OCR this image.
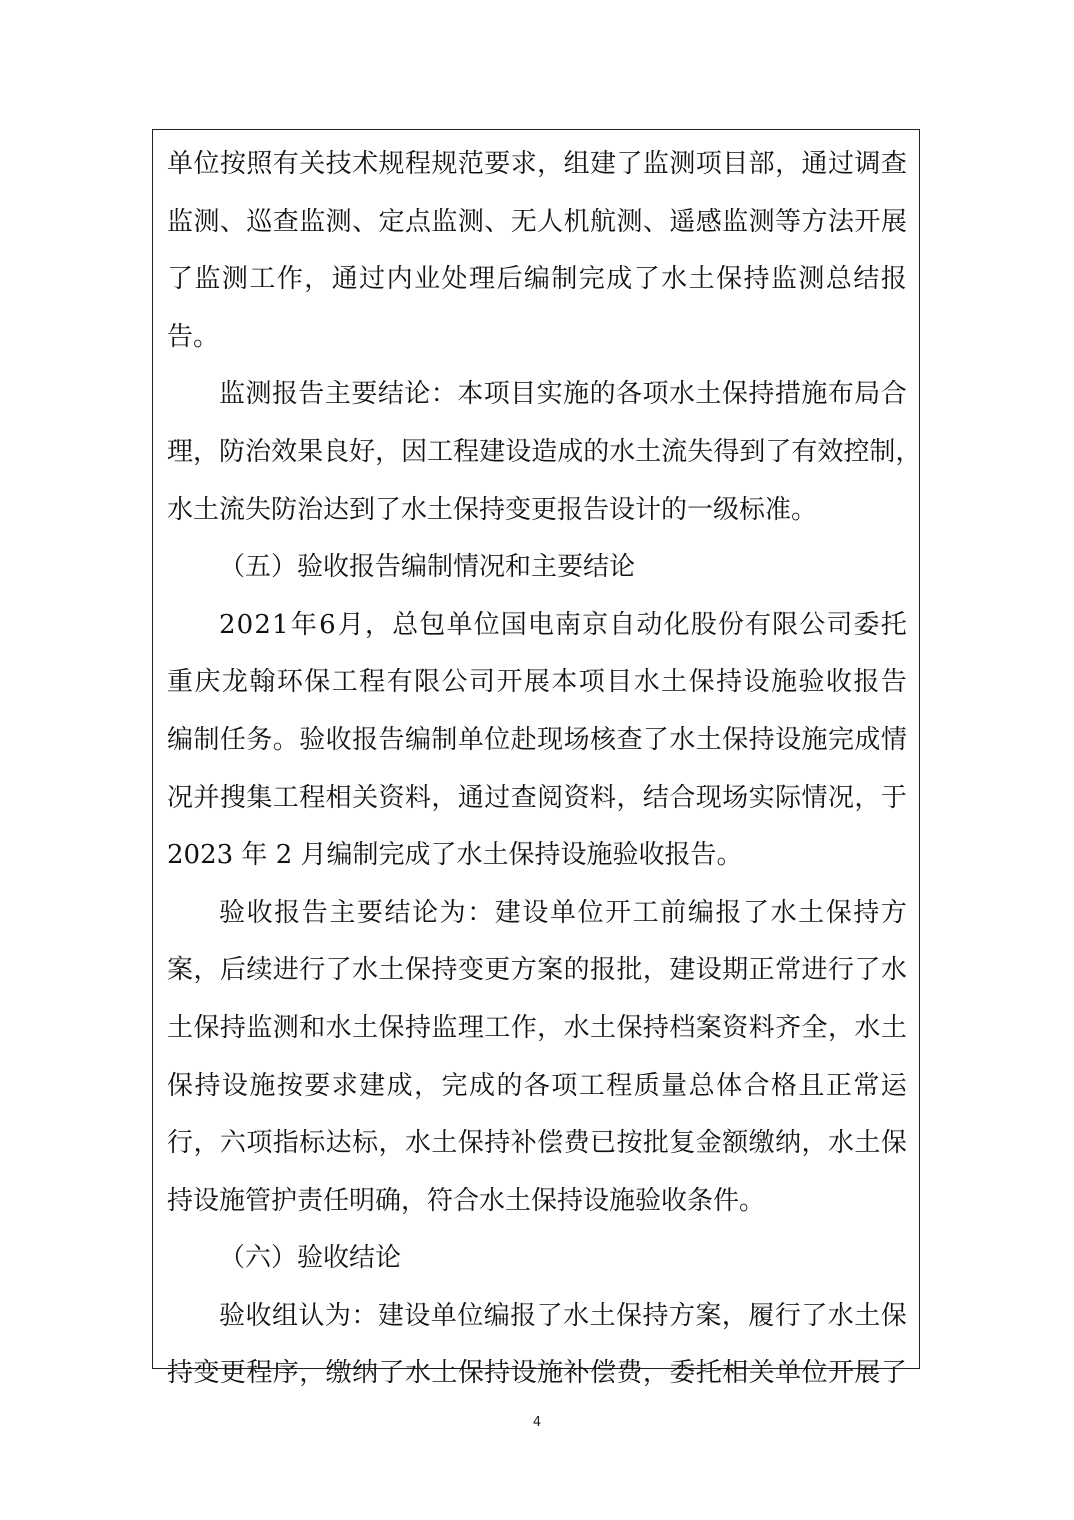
单 位 按 照 有 关 技 术 规 程 规 范 要 求 ， 组 建 了 监 测 项 目 部 ， 通 过 调 查
监 测 、 巡 查 监 测 、 定 点 监 测 、 无 人 机 航 测 、 遥 感 监 测 等 方 法 开 展
了 监 测 工 作 ， 通 过 内 业 处 理 后 编 制 完 成 了 水 土 保 持 监 测 总 结 报
告。
监 测 报 告 主 要 结 论 ： 本 项 目 实 施 的 各 项 水 土 保 持 措 施 布 局 合
理 ， 防 治 效 果 良 好 ， 因 工 程 建 设 造 成 的 水 土 流 失 得 到 了 有 效 控 制 ，
水土流失防治达到了水土保持变更报告设计的一级标准。
（五）验收报告编制情况和主要结论
2 0 2 1 年 6 月 ， 总 包 单 位 国 电 南 京 自 动 化 股 份 有 限 公 司 委 托
重 庆 龙 翰 环 保 工 程 有 限 公 司 开 展 本 项 目 水 土 保 持 设 施 验 收 报 告
编 制 任 务 。 验 收 报 告 编 制 单 位 赴 现 场 核 查 了 水 土 保 持 设 施 完 成 情
况 并 搜 集 工 程 相 关 资 料 ， 通 过 查 阅 资 料 ， 结 合 现 场 实 际 情 况 ， 于
2023 年 2 月编制完成了水土保持设施验收报告。
验 收 报 告 主 要 结 论 为 ： 建 设 单 位 开 工 前 编 报 了 水 土 保 持 方
案 ， 后 续 进 行 了 水 土 保 持 变 更 方 案 的 报 批 ， 建 设 期 正 常 进 行 了 水
土 保 持 监 测 和 水 土 保 持 监 理 工 作 ， 水 土 保 持 档 案 资 料 齐 全 ， 水 土
保 持 设 施 按 要 求 建 成 ， 完 成 的 各 项 工 程 质 量 总 体 合 格 且 正 常 运
行 ， 六 项 指 标 达 标 ， 水 土 保 持 补 偿 费 已 按 批 复 金 额 缴 纳 ， 水 土 保
持设施管护责任明确，符合水土保持设施验收条件。
（六）验收结论
验 收 组 认 为 ： 建 设 单 位 编 报 了 水 土 保 持 方 案 ， 履 行 了 水 土 保
持 变 更 程 序 ， 缴 纳 了 水 土 保 持 设 施 补 偿 费 ， 委 托 相 关 单 位 开 展 了
4
